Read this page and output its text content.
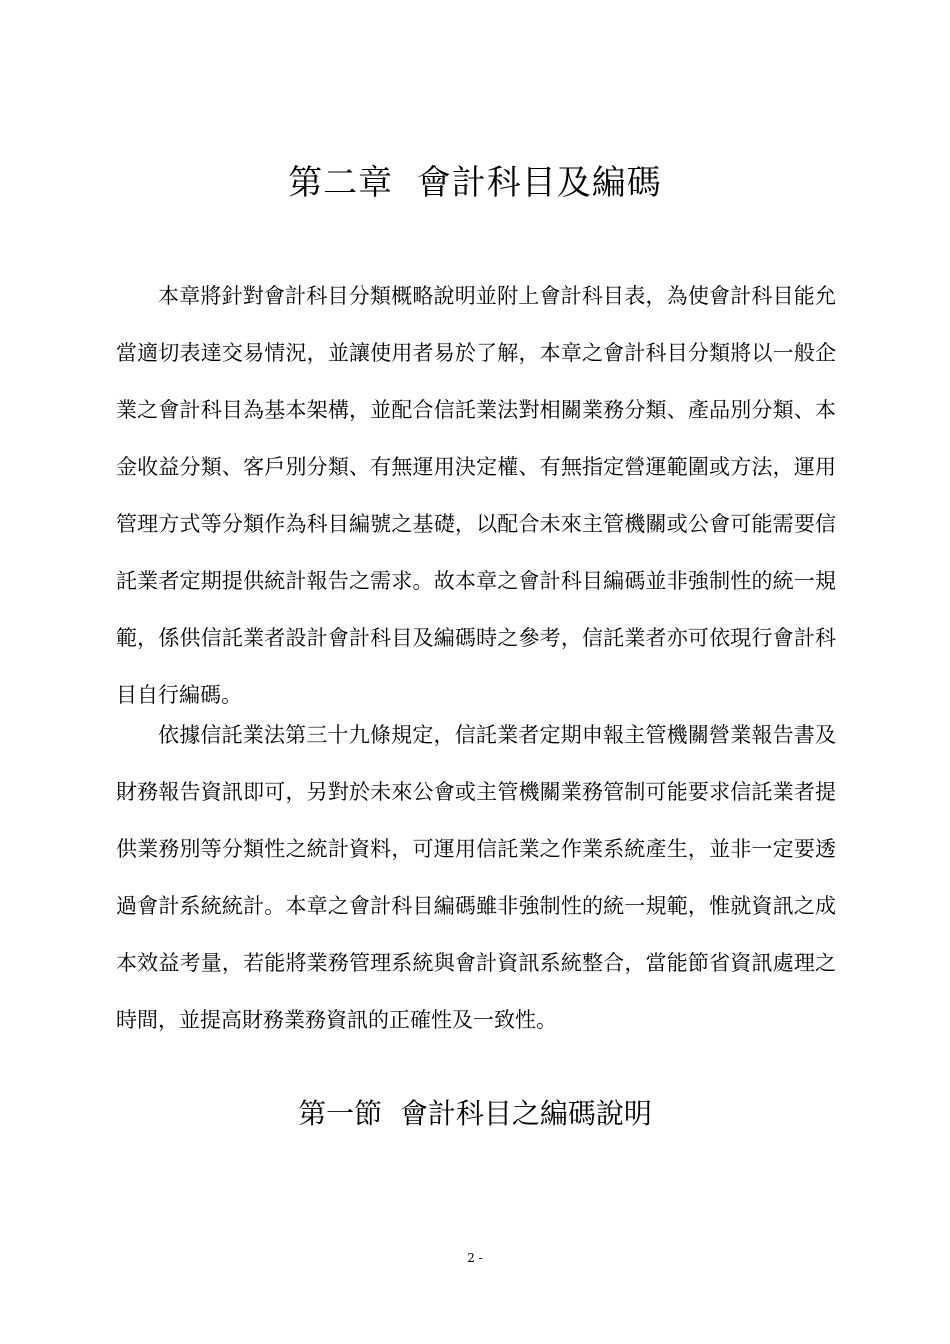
第二章  會計科目及編碼
本章將針對會計科目分類概略說明並附上會計科目表，為使會計科目能允
當適切表達交易情況，並讓使用者易於了解，本章之會計科目分類將以一般企
業之會計科目為基本架構，並配合信託業法對相關業務分類、產品別分類、本
金收益分類、客戶別分類、有無運用決定權、有無指定營運範圍或方法，運用
管理方式等分類作為科目編號之基礎，以配合未來主管機關或公會可能需要信
託業者定期提供統計報告之需求。故本章之會計科目編碼並非強制性的統一規
範，係供信託業者設計會計科目及編碼時之參考，信託業者亦可依現行會計科
目自行編碼。
依據信託業法第三十九條規定，信託業者定期申報主管機關營業報告書及
財務報告資訊即可，另對於未來公會或主管機關業務管制可能要求信託業者提
供業務別等分類性之統計資料，可運用信託業之作業系統產生，並非一定要透
過會計系統統計。本章之會計科目編碼雖非強制性的統一規範，惟就資訊之成
本效益考量，若能將業務管理系統與會計資訊系統整合，當能節省資訊處理之
時間，並提高財務業務資訊的正確性及一致性。
第一節  會計科目之編碼說明
2 -
